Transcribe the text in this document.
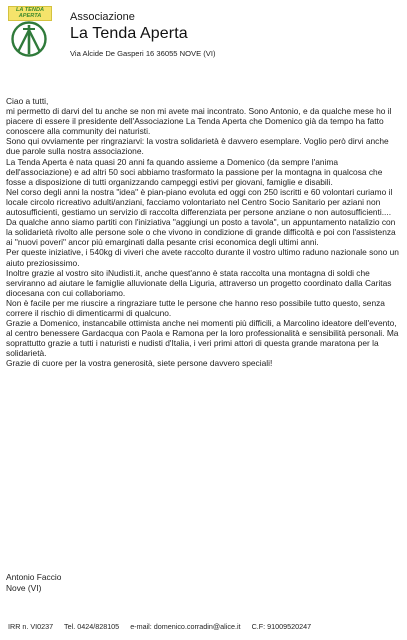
LA TENDA
APERTA	Associazione
La Tenda Aperta
Via Alcide De Gasperi 16 36055 NOVE (VI)

Ciao a tutti,

mi permetto di darvi del tu anche se non mi avete mai incontrato. Sono Antonio, e da qualche mese ho il piacere di essere il presidente dell'Associazione La Tenda Aperta che Domenico già da tempo ha fatto conoscere alla community dei naturisti.

Sono qui ovviamente per ringraziarvi: la vostra solidarietà è davvero esemplare. Voglio però dirvi anche due parole sulla nostra associazione.

La Tenda Aperta è nata quasi 20 anni fa quando assieme a Domenico (da sempre l'anima dell'associazione) e ad altri 50 soci abbiamo trasformato la passione per la montagna in qualcosa che fosse a disposizione di tutti organizzando campeggi estivi per giovani, famiglie e disabili.

Nel corso degli anni la nostra "idea" è pian-piano evoluta ed oggi con 250 iscritti e 60 volontari curiamo il locale circolo ricreativo adulti/anziani, facciamo volontariato nel Centro Socio Sanitario per aziani non autosufficienti, gestiamo un servizio di raccolta differenziata per persone anziane o non autosufficienti.... Da qualche anno siamo partiti con l'iniziativa "aggiungi un posto a tavola", un appuntamento natalizio con la solidarietà rivolto alle persone sole o che vivono in condizione di grande difficoltà e poi con l'assistenza ai "nuovi poveri" ancor più emarginati dalla pesante crisi economica degli ultimi anni.

Per queste iniziative, i 540kg di viveri che avete raccolto durante il vostro ultimo raduno nazionale sono un aiuto preziosissimo.

Inoltre grazie al vostro sito iNudisti.it, anche quest'anno è stata raccolta una montagna di soldi che serviranno ad aiutare le famiglie alluvionate della Liguria, attraverso un progetto coordinato dalla Caritas diocesana con cui collaboriamo.

Non è facile per me riuscire a ringraziare tutte le persone che hanno reso possibile tutto questo, senza correre il rischio di dimenticarmi di qualcuno.

Grazie a Domenico, instancabile ottimista anche nei momenti più difficili, a Marcolino ideatore dell'evento, al centro benessere Gardacqua con Paola e Ramona per la loro professionalità e sensibilità personali. Ma soprattutto grazie a tutti i naturisti e nudisti d'Italia, i veri primi attori di questa grande maratona per la solidarietà.

Grazie di cuore per la vostra generosità, siete persone davvero speciali!

Antonio Faccio
Nove (VI)
IRR n. VI0237 Tel. 0424/828105 e-mail: domenico.corradin@alice.it C.F: 91009520247
